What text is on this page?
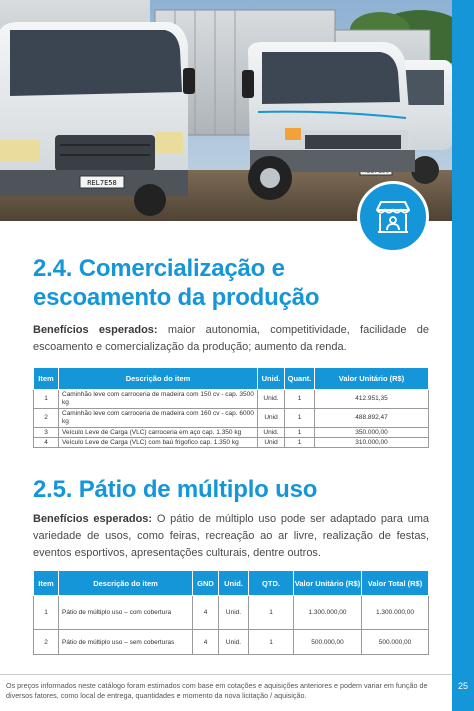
REL7E58
25
2.4. Comercialização e escoamento da produção

Benefícios esperados: maior autonomia, competitividade, facilidade de escoamento e comercialização da produção; aumento da renda.

Item	Descrição do item	Unid.	Quant.	Valor Unitário (R$)
1	Caminhão leve com carroceria de madeira com 150 cv - cap. 3500 kg	Unid.	1	412.951,35
2	Caminhão leve com carroceria de madeira com 160 cv - cap. 6000 kg	Unid	1	488.892,47
3	Veículo Leve de Carga (VLC) carroceria em aço cap. 1.350 kg	Unid.	1	350.000,00
4	Veículo Leve de Carga (VLC) com baú frigofico cap. 1.350 kg	Unid	1	310.000,00
2.5. Pátio de múltiplo uso

Benefícios esperados: O pátio de múltiplo uso pode ser adaptado para uma variedade de usos, como feiras, recreação ao ar livre, realização de festas, eventos esportivos, apresentações culturais, dentre outros.

Item	Descrição do item	GND	Unid.	QTD.	Valor Unitário (R$)	Valor Total (R$)
1	Pátio de múltiplo uso – com cobertura	4	Unid.	1	1.300.000,00	1.300.000,00
2	Pátio de múltiplo uso – sem coberturas	4	Unid.	1	500.000,00	500.000,00

Os preços informados neste catálogo foram estimados com base em cotações e aquisições anteriores e podem variar em função de diversos fatores, como local de entrega, quantidades e momento da nova licitação / aquisição.
